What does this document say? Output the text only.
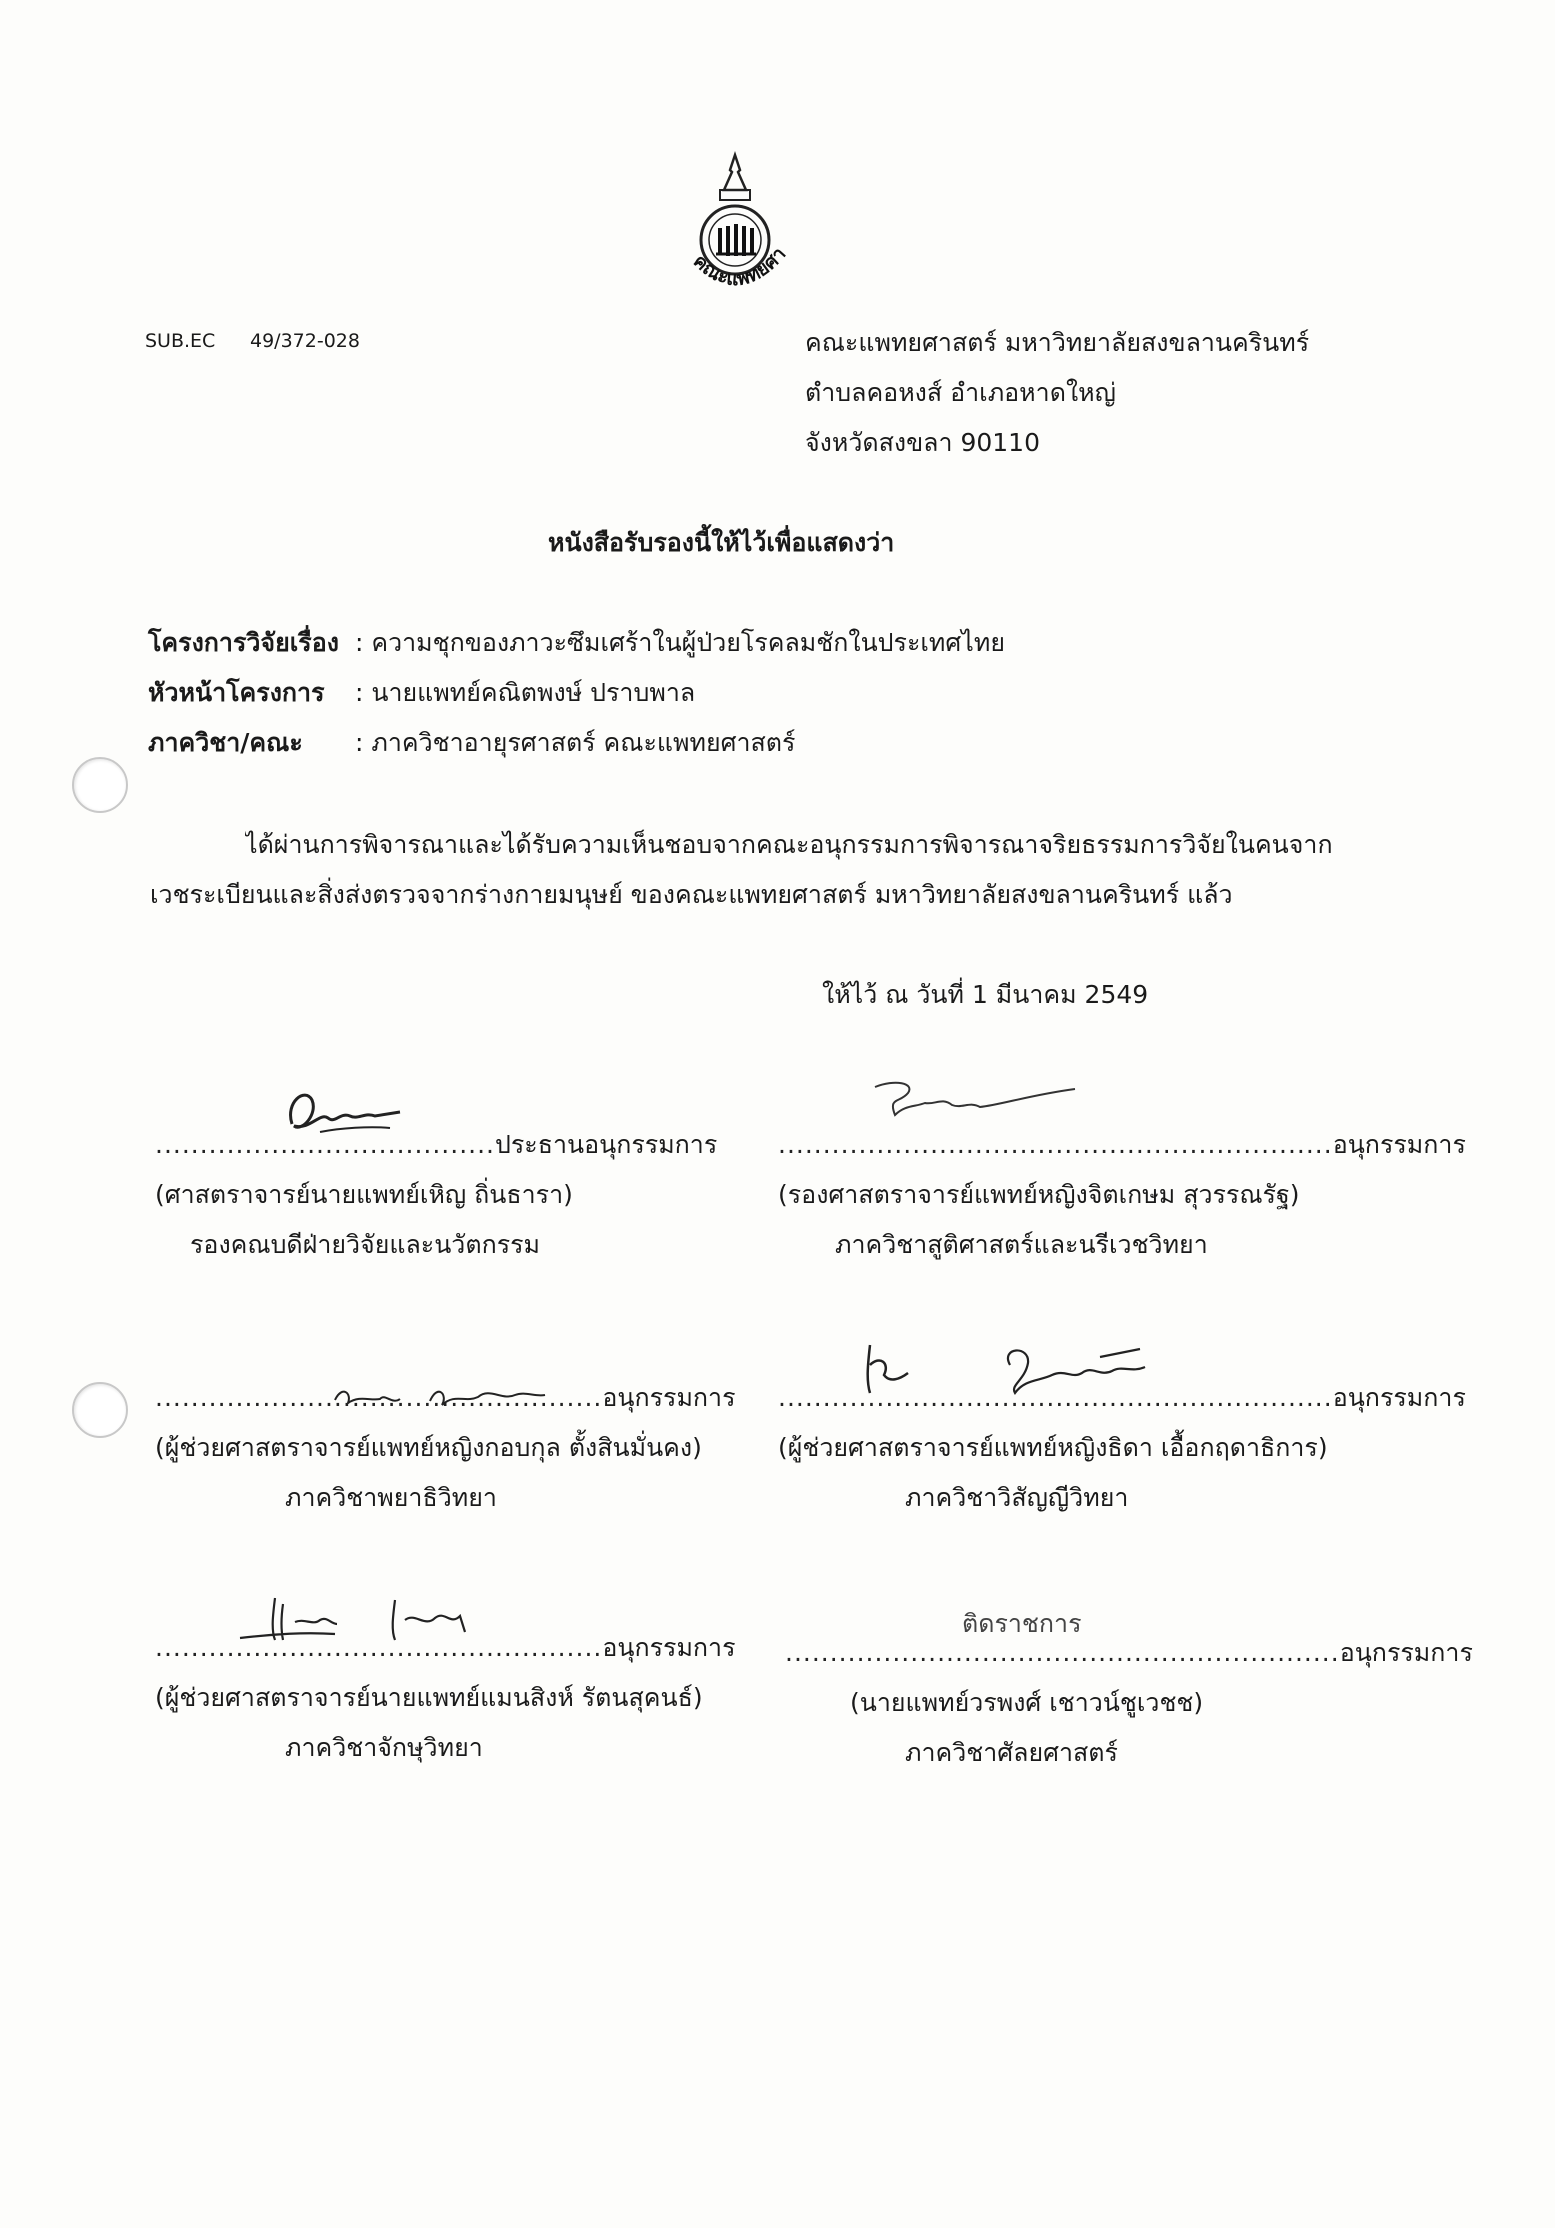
คณะแพทยศา
SUB.EC 49/372-028	คณะแพทยศาสตร์ มหาวิทยาลัยสงขลานครินทร์
ตำบลคอหงส์ อำเภอหาดใหญ่
จังหวัดสงขลา 90110
หนังสือรับรองนี้ให้ไว้เพื่อแสดงว่า
โครงการวิจัยเรื่อง : ความชุกของภาวะซึมเศร้าในผู้ป่วยโรคลมชักในประเทศไทย
หัวหน้าโครงการ : นายแพทย์คณิตพงษ์ ปราบพาล
ภาควิชา/คณะ : ภาควิชาอายุรศาสตร์ คณะแพทยศาสตร์
ได้ผ่านการพิจารณาและได้รับความเห็นชอบจากคณะอนุกรรมการพิจารณาจริยธรรมการวิจัยในคนจาก
เวชระเบียนและสิ่งส่งตรวจจากร่างกายมนุษย์ ของคณะแพทยศาสตร์ มหาวิทยาลัยสงขลานครินทร์ แล้ว
ให้ไว้ ณ วันที่ 1 มีนาคม 2549
...................................... ประธานอนุกรรมการ
(ศาสตราจารย์นายแพทย์เหิญ ถิ่นธารา)
รองคณบดีฝ่ายวิจัยและนวัตกรรม
.............................................................. อนุกรรมการ
(รองศาสตราจารย์แพทย์หญิงจิตเกษม สุวรรณรัฐ)
ภาควิชาสูติศาสตร์และนรีเวชวิทยา
.................................................. อนุกรรมการ
(ผู้ช่วยศาสตราจารย์แพทย์หญิงกอบกุล ตั้งสินมั่นคง)
ภาควิชาพยาธิวิทยา
.............................................................. อนุกรรมการ
(ผู้ช่วยศาสตราจารย์แพทย์หญิงธิดา เอื้อกฤดาธิการ)
ภาควิชาวิสัญญีวิทยา
.................................................. อนุกรรมการ
(ผู้ช่วยศาสตราจารย์นายแพทย์แมนสิงห์ รัตนสุคนธ์)
ภาควิชาจักษุวิทยา
ติดราชการ
.............................................................. อนุกรรมการ
(นายแพทย์วรพงศ์ เชาวน์ชูเวชช)
ภาควิชาศัลยศาสตร์
